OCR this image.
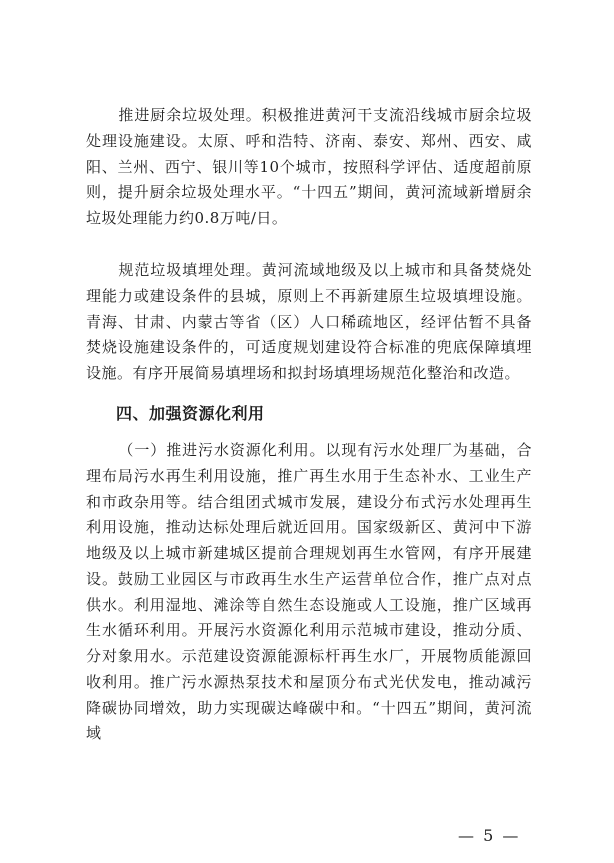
推进厨余垃圾处理。积极推进黄河干支流沿线城市厨余垃圾处理设施建设。太原、呼和浩特、济南、泰安、郑州、西安、咸阳、兰州、西宁、银川等10个城市，按照科学评估、适度超前原则，提升厨余垃圾处理水平。“十四五”期间，黄河流域新增厨余垃圾处理能力约0.8万吨/日。

规范垃圾填埋处理。黄河流域地级及以上城市和具备焚烧处理能力或建设条件的县城，原则上不再新建原生垃圾填埋设施。青海、甘肃、内蒙古等省（区）人口稀疏地区，经评估暂不具备焚烧设施建设条件的，可适度规划建设符合标准的兜底保障填埋设施。有序开展简易填埋场和拟封场填埋场规范化整治和改造。

四、加强资源化利用

（一）推进污水资源化利用。以现有污水处理厂为基础，合理布局污水再生利用设施，推广再生水用于生态补水、工业生产和市政杂用等。结合组团式城市发展，建设分布式污水处理再生利用设施，推动达标处理后就近回用。国家级新区、黄河中下游地级及以上城市新建城区提前合理规划再生水管网，有序开展建设。鼓励工业园区与市政再生水生产运营单位合作，推广点对点供水。利用湿地、滩涂等自然生态设施或人工设施，推广区域再生水循环利用。开展污水资源化利用示范城市建设，推动分质、分对象用水。示范建设资源能源标杆再生水厂，开展物质能源回收利用。推广污水源热泵技术和屋顶分布式光伏发电，推动减污降碳协同增效，助力实现碳达峰碳中和。“十四五”期间，黄河流域

— 5 —
